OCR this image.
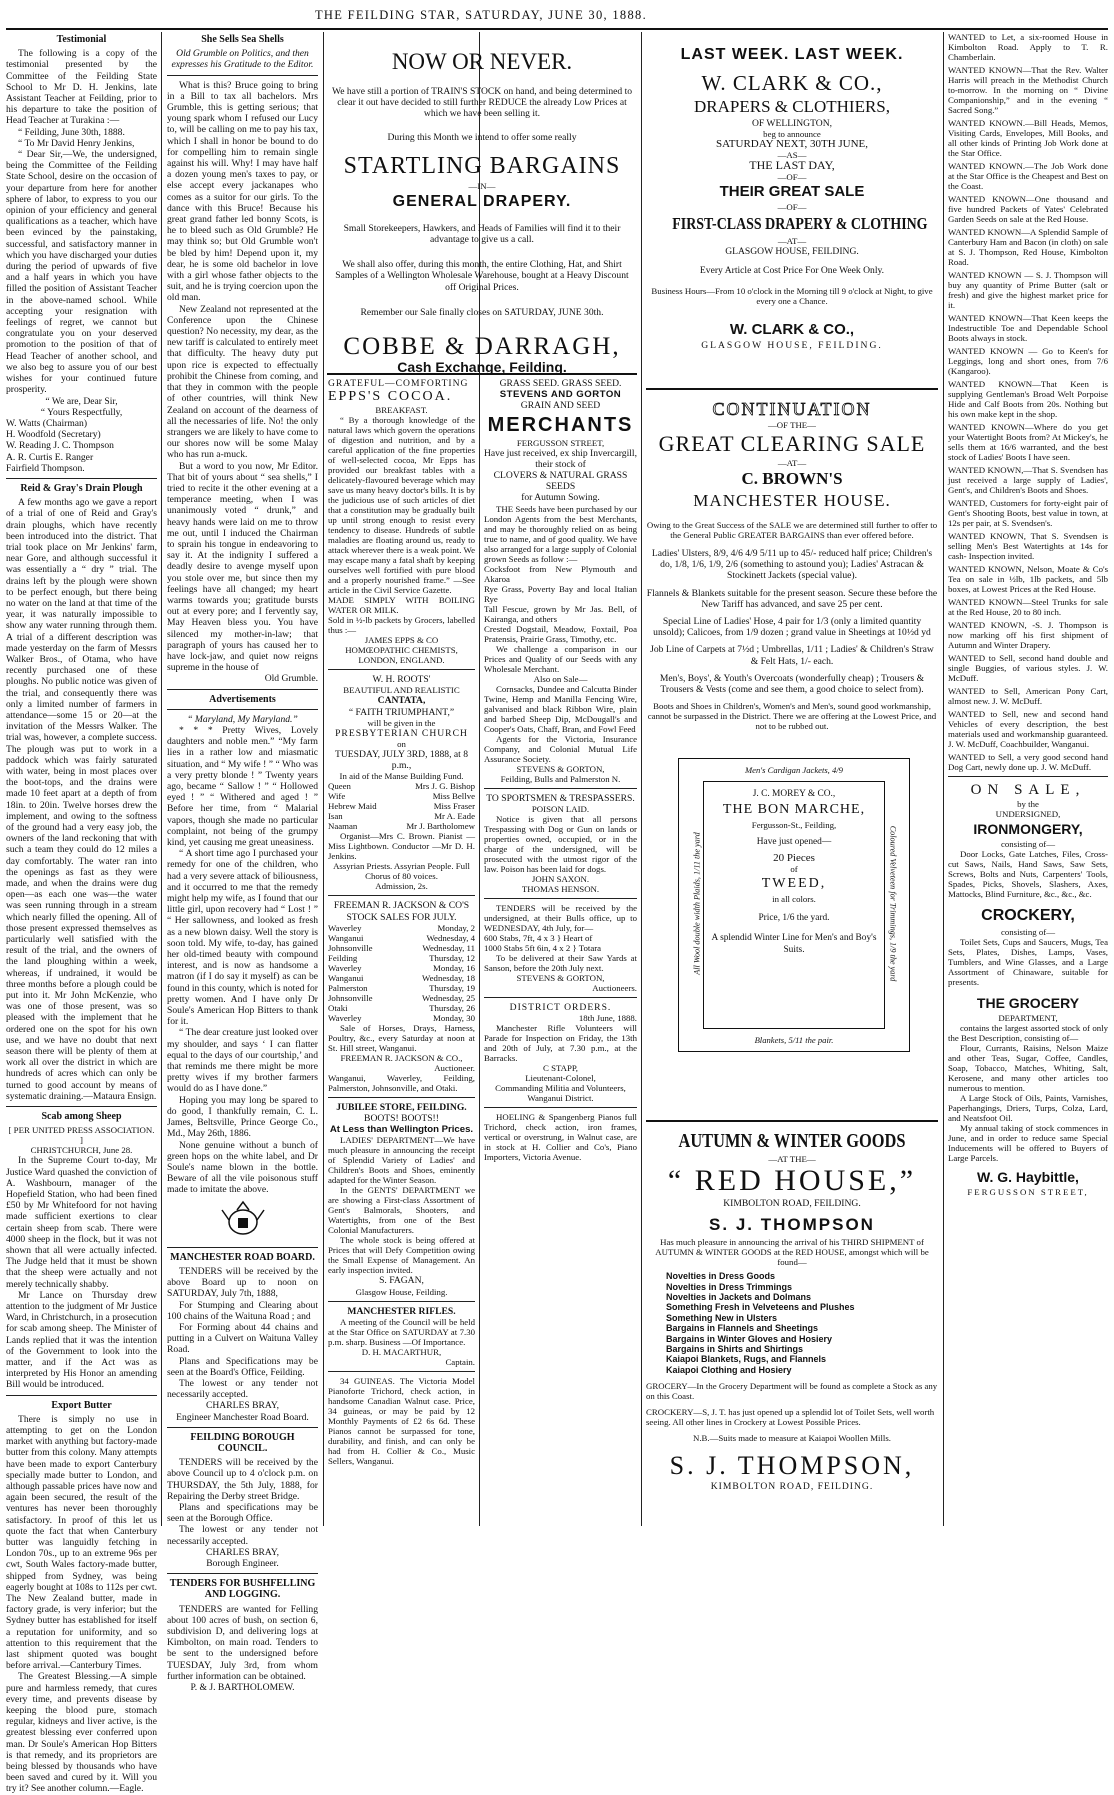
THE FEILDING STAR, SATURDAY, JUNE 30, 1888.
Testimonial

The following is a copy of the testimonial presented by the Committee of the Feilding State School to Mr D. H. Jenkins, late Assistant Teacher at Feilding, prior to his departure to take the position of Head Teacher at Turakina :—

“ Feilding, June 30th, 1888.

“ To Mr David Henry Jenkins,

“ Dear Sir,—We, the undersigned, being the Committee of the Feilding State School, desire on the occasion of your departure from here for another sphere of labor, to express to you our opinion of your efficiency and general qualifications as a teacher, which have been evinced by the painstaking, successful, and satisfactory manner in which you have discharged your duties during the period of upwards of five and a half years in which you have filled the position of Assistant Teacher in the above-named school. While accepting your resignation with feelings of regret, we cannot but congratulate you on your deserved promotion to the position of that of Head Teacher of another school, and we also beg to assure you of our best wishes for your continued future prosperity.

“ We are, Dear Sir,
“ Yours Respectfully,
W. Watts (Chairman)
H. Woodfold (Secretary)
W. Reading J. C. Thompson
A. R. Curtis E. Ranger
Fairfield Thompson.
Reid & Gray's Drain Plough

A few months ago we gave a report of a trial of one of Reid and Gray's drain ploughs, which have recently been introduced into the district. That trial took place on Mr Jenkins' farm, near Gore, and although successful it was essentially a “ dry ” trial. The drains left by the plough were shown to be perfect enough, but there being no water on the land at that time of the year, it was naturally impossible to show any water running through them. A trial of a different description was made yesterday on the farm of Messrs Walker Bros., of Otama, who have recently purchased one of these ploughs. No public notice was given of the trial, and consequently there was only a limited number of farmers in attendance—some 15 or 20—at the invitation of the Messrs Walker. The trial was, however, a complete success. The plough was put to work in a paddock which was fairly saturated with water, being in most places over the boot-tops, and the drains were made 10 feet apart at a depth of from 18in. to 20in. Twelve horses drew the implement, and owing to the softness of the ground had a very easy job, the owners of the land reckoning that with such a team they could do 12 miles a day comfortably. The water ran into the openings as fast as they were made, and when the drains were dug open—as each one was—the water was seen running through in a stream which nearly filled the opening. All of those present expressed themselves as particularly well satisfied with the result of the trial, and the owners of the land ploughing within a week, whereas, if undrained, it would be three months before a plough could be put into it. Mr John McKenzie, who was one of those present, was so pleased with the implement that he ordered one on the spot for his own use, and we have no doubt that next season there will be plenty of them at work all over the district in which are hundreds of acres which can only be turned to good account by means of systematic draining.—Mataura Ensign.

Scab among Sheep
[ PER UNITED PRESS ASSOCIATION. ]
CHRISTCHURCH, June 28.

In the Supreme Court to-day, Mr Justice Ward quashed the conviction of A. Washbourn, manager of the Hopefield Station, who had been fined £50 by Mr Whitefoord for not having made sufficient exertions to clear certain sheep from scab. There were 4000 sheep in the flock, but it was not shown that all were actually infected. The Judge held that it must be shown that the sheep were actually and not merely technically shabby.

Mr Lance on Thursday drew attention to the judgment of Mr Justice Ward, in Christchurch, in a prosecution for scab among sheep. The Minister of Lands replied that it was the intention of the Government to look into the matter, and if the Act was as interpreted by His Honor an amending Bill would be introduced.

Export Butter

There is simply no use in attempting to get on the London market with anything but factory-made butter from this colony. Many attempts have been made to export Canterbury specially made butter to London, and although passable prices have now and again been secured, the result of the ventures has never been thoroughly satisfactory. In proof of this let us quote the fact that when Canterbury butter was languidly fetching in London 70s., up to an extreme 96s per cwt, South Wales factory-made butter, shipped from Sydney, was being eagerly bought at 108s to 112s per cwt. The New Zealand butter, made in factory grade, is very inferior; but the Sydney butter has established for itself a reputation for uniformity, and so attention to this requirement that the last shipment quoted was bought before arrival.—Canterbury Times.

The Greatest Blessing.—A simple pure and harmless remedy, that cures every time, and prevents disease by keeping the blood pure, stomach regular, kidneys and liver active, is the greatest blessing ever conferred upon man. Dr Soule's American Hop Bitters is that remedy, and its proprietors are being blessed by thousands who have been saved and cured by it. Will you try it? See another column.—Eagle.

She Sells Sea Shells
Old Grumble on Politics, and then expresses his Gratitude to the Editor.

What is this? Bruce going to bring in a Bill to tax all bachelors. Mrs Grumble, this is getting serious; that young spark whom I refused our Lucy to, will be calling on me to pay his tax, which I shall in honor be bound to do for compelling him to remain single against his will. Why! I may have half a dozen young men's taxes to pay, or else accept every jackanapes who comes as a suitor for our girls. To the dance with this Bruce! Because his great grand father led bonny Scots, is he to bleed such as Old Grumble? He may think so; but Old Grumble won't be bled by him! Depend upon it, my dear, he is some old bachelor in love with a girl whose father objects to the suit, and he is trying coercion upon the old man.

New Zealand not represented at the Conference upon the Chinese question? No necessity, my dear, as the new tariff is calculated to entirely meet that difficulty. The heavy duty put upon rice is expected to effectually prohibit the Chinese from coming, and that they in common with the people of other countries, will think New Zealand on account of the dearness of all the necessaries of life. No! the only strangers we are likely to have come to our shores now will be some Malay who has run a-muck.

But a word to you now, Mr Editor. That bit of yours about “ sea shells,” I tried to recite it the other evening at a temperance meeting, when I was unanimously voted “ drunk,” and heavy hands were laid on me to throw me out, until I induced the Chairman to sprain his tongue in endeavoring to say it. At the indignity I suffered a deadly desire to avenge myself upon you stole over me, but since then my feelings have all changed; my heart warms towards you; gratitude bursts out at every pore; and I fervently say, May Heaven bless you. You have silenced my mother-in-law; that paragraph of yours has caused her to have lock-jaw, and quiet now reigns supreme in the house of

Old Grumble.
Advertisements
“ Maryland, My Maryland.”

* * * Pretty Wives, Lovely daughters and noble men.” “My farm lies in a rather low and miasmatic situation, and “ My wife ! ” “ Who was a very pretty blonde ! ” Twenty years ago, became “ Sallow ! ” “ Hollowed eyed ! ” “ Withered and aged ! ” Before her time, from “ Malarial vapors, though she made no particular complaint, not being of the grumpy kind, yet causing me great uneasiness.

“ A short time ago I purchased your remedy for one of the children, who had a very severe attack of biliousness, and it occurred to me that the remedy might help my wife, as I found that our little girl, upon recovery had “ Lost ! ” “ Her sallowness, and looked as fresh as a new blown daisy. Well the story is soon told. My wife, to-day, has gained her old-timed beauty with compound interest, and is now as handsome a matron (if I do say it myself) as can be found in this county, which is noted for pretty women. And I have only Dr Soule's American Hop Bitters to thank for it.

“ The dear creature just looked over my shoulder, and says ‘ I can flatter equal to the days of our courtship,’ and that reminds me there might be more pretty wives if my brother farmers would do as I have done.”

Hoping you may long be spared to do good, I thankfully remain, C. L. James, Beltsville, Prince George Co., Md., May 26th, 1886.

None genuine without a bunch of green hops on the white label, and Dr Soule's name blown in the bottle. Beware of all the vile poisonous stuff made to imitate the above.

MANCHESTER ROAD BOARD.

TENDERS will be received by the above Board up to noon on SATURDAY, July 7th, 1888,

For Stumping and Clearing about 100 chains of the Waituna Road ; and

For Forming about 44 chains and putting in a Culvert on Waituna Valley Road.

Plans and Specifications may be seen at the Board's Office, Feilding.

The lowest or any tender not necessarily accepted.

CHARLES BRAY,
Engineer Manchester Road Board.
FEILDING BOROUGH COUNCIL.

TENDERS will be received by the above Council up to 4 o'clock p.m. on THURSDAY, the 5th July, 1888, for Repairing the Derby street Bridge.

Plans and specifications may be seen at the Borough Office.

The lowest or any tender not necessarily accepted.

CHARLES BRAY,
Borough Engineer.
TENDERS FOR BUSHFELLING AND LOGGING.

TENDERS are wanted for Felling about 100 acres of bush, on section 6, subdivision D, and delivering logs at Kimbolton, on main road. Tenders to be sent to the undersigned before TUESDAY, July 3rd, from whom further information can be obtained.

P. & J. BARTHOLOMEW.
NOW OR NEVER.
We have still a portion of TRAIN'S STOCK on hand, and being determined to clear it out have decided to still further REDUCE the already Low Prices at which we have been selling it.
During this Month we intend to offer some really
STARTLING BARGAINS
—IN—
GENERAL DRAPERY.
Small Storekeepers, Hawkers, and Heads of Families will find it to their advantage to give us a call.
We shall also offer, during this month, the entire Clothing, Hat, and Shirt Samples of a Wellington Wholesale Warehouse, bought at a Heavy Discount off Original Prices.
Remember our Sale finally closes on SATURDAY, JUNE 30th.
COBBE & DARRAGH,
Cash Exchange, Feilding.
GRATEFUL—COMFORTING
EPPS'S COCOA.
BREAKFAST.

“ By a thorough knowledge of the natural laws which govern the operations of digestion and nutrition, and by a careful application of the fine properties of well-selected cocoa, Mr Epps has provided our breakfast tables with a delicately-flavoured beverage which may save us many heavy doctor's bills. It is by the judicious use of such articles of diet that a constitution may be gradually built up until strong enough to resist every tendency to disease. Hundreds of subtle maladies are floating around us, ready to attack wherever there is a weak point. We may escape many a fatal shaft by keeping ourselves well fortified with pure blood and a properly nourished frame.” —See article in the Civil Service Gazette.

MADE SIMPLY WITH BOILING WATER OR MILK.
Sold in ½-lb packets by Grocers, labelled thus :—
JAMES EPPS & CO
HOMŒOPATHIC CHEMISTS,
LONDON, ENGLAND.
W. H. ROOTS'
BEAUTIFUL AND REALISTIC
CANTATA,
“ FAITH TRIUMPHANT,”
will be given in the
PRESBYTERIAN CHURCH
on
TUESDAY, JULY 3RD, 1888, at 8 p.m.,
In aid of the Manse Building Fund.
Queen	Mrs J. G. Bishop
Wife	Miss Bellve
Hebrew Maid	Miss Fraser
Isan	Mr A. Eade
Naaman	Mr J. Bartholomew

Organist—Mrs C. Brown. Pianist —Miss Lightbown. Conductor —Mr D. H. Jenkins.

Assyrian Priests. Assyrian People. Full Chorus of 80 voices.
Admission, 2s.
FREEMAN R. JACKSON & CO'S STOCK SALES FOR JULY.
Waverley	Monday, 2
Wanganui	Wednesday, 4
Johnsonville	Wednesday, 11
Feilding	Thursday, 12
Waverley	Monday, 16
Wanganui	Wednesday, 18
Palmerston	Thursday, 19
Johnsonville	Wednesday, 25
Otaki	Thursday, 26
Waverley	Monday, 30

Sale of Horses, Drays, Harness, Poultry, &c., every Saturday at noon at St. Hill street, Wanganui.

FREEMAN R. JACKSON & CO.,
Auctioneer.
Wanganui, Waverley, Feilding, Palmerston, Johnsonville, and Otaki.
JUBILEE STORE, FEILDING.
BOOTS! BOOTS!!
At Less than Wellington Prices.

LADIES' DEPARTMENT—We have much pleasure in announcing the receipt of Splendid Variety of Ladies' and Children's Boots and Shoes, eminently adapted for the Winter Season.

In the GENTS' DEPARTMENT we are showing a First-class Assortment of Gent's Balmorals, Shooters, and Watertights, from one of the Best Colonial Manufacturers.

The whole stock is being offered at Prices that will Defy Competition owing the Small Expense of Management. An early inspection invited.

S. FAGAN,
Glasgow House, Feilding.
MANCHESTER RIFLES.

A meeting of the Council will be held at the Star Office on SATURDAY at 7.30 p.m. sharp. Business —Of Importance.

D. H. MACARTHUR,
Captain.

34 GUINEAS. The Victoria Model Pianoforte Trichord, check action, in handsome Canadian Walnut case. Price, 34 guineas, or may be paid by 12 Monthly Payments of £2 6s 6d. These Pianos cannot be surpassed for tone, durability, and finish, and can only be had from H. Collier & Co., Music Sellers, Wanganui.

GRASS SEED. GRASS SEED.
STEVENS AND GORTON
GRAIN AND SEED
MERCHANTS
FERGUSSON STREET,
Have just received, ex ship Invercargill, their stock of
CLOVERS & NATURAL GRASS SEEDS
for Autumn Sowing.

THE Seeds have been purchased by our London Agents from the best Merchants, and may be thoroughly relied on as being true to name, and of good quality. We have also arranged for a large supply of Colonial grown Seeds as follow :—

Cocksfoot from New Plymouth and Akaroa
Rye Grass, Poverty Bay and local Italian Rye
Tall Fescue, grown by Mr Jas. Bell, of Kairanga, and others
Crested Dogstail, Meadow, Foxtail, Poa Pratensis, Prairie Grass, Timothy, etc.

We challenge a comparison in our Prices and Quality of our Seeds with any Wholesale Merchant.

Also on Sale—

Cornsacks, Dundee and Calcutta Binder Twine, Hemp and Manilla Fencing Wire, galvanised and black Ribbon Wire, plain and barbed Sheep Dip, McDougall's and Cooper's Oats, Chaff, Bran, and Fowl Feed

Agents for the Victoria, Insurance Company, and Colonial Mutual Life Assurance Society.

STEVENS & GORTON,
Feilding, Bulls and Palmerston N.
TO SPORTSMEN & TRESPASSERS.
POISON LAID.

Notice is given that all persons Trespassing with Dog or Gun on lands or properties owned, occupied, or in the charge of the undersigned, will be prosecuted with the utmost rigor of the law. Poison has been laid for dogs.

JOHN SAXON.
THOMAS HENSON.

TENDERS will be received by the undersigned, at their Bulls office, up to WEDNESDAY, 4th July, for—

600 Stabs, 7ft, 4 x 3 } Heart of
1000 Stabs 5ft 6in, 4 x 2 } Totara

To be delivered at their Saw Yards at Sanson, before the 20th July next.

STEVENS & GORTON,
Auctioneers.
DISTRICT ORDERS.
18th June, 1888.

Manchester Rifle Volunteers will Parade for Inspection on Friday, the 13th and 20th of July, at 7.30 p.m., at the Barracks.

C STAPP,
Lieutenant-Colonel,
Commanding Militia and Volunteers, Wanganui District.

HOELING & Spangenberg Pianos full Trichord, check action, iron frames, vertical or overstrung, in Walnut case, are in stock at H. Collier and Co's, Piano Importers, Victoria Avenue.

LAST WEEK. LAST WEEK.
W. CLARK & CO.,
DRAPERS & CLOTHIERS,
OF WELLINGTON,
beg to announce
SATURDAY NEXT, 30TH JUNE,
—AS—
THE LAST DAY,
—OF—
THEIR GREAT SALE
—OF—
FIRST-CLASS DRAPERY & CLOTHING
—AT—
GLASGOW HOUSE, FEILDING.
Every Article at Cost Price For One Week Only.
Business Hours—From 10 o'clock in the Morning till 9 o'clock at Night, to give every one a Chance.
W. CLARK & CO.,
GLASGOW HOUSE, FEILDING.
CONTINUATION
—OF THE—
GREAT CLEARING SALE
—AT—
C. BROWN'S
MANCHESTER HOUSE.
Owing to the Great Success of the SALE we are determined still further to offer to the General Public GREATER BARGAINS than ever offered before.
Ladies' Ulsters, 8/9, 4/6 4/9 5/11 up to 45/- reduced half price; Children's do, 1/8, 1/6, 1/9, 2/6 (something to astound you); Ladies' Astracan & Stockinett Jackets (special value).
Flannels & Blankets suitable for the present season. Secure these before the New Tariff has advanced, and save 25 per cent.
Special Line of Ladies' Hose, 4 pair for 1/3 (only a limited quantity unsold); Calicoes, from 1/9 dozen ; grand value in Sheetings at 10½d yd
Job Line of Carpets at 7½d ; Umbrellas, 1/11 ; Ladies' & Children's Straw & Felt Hats, 1/- each.
Men's, Boys', & Youth's Overcoats (wonderfully cheap) ; Trousers & Trousers & Vests (come and see them, a good choice to select from).
Boots and Shoes in Children's, Women's and Men's, sound good workmanship, cannot be surpassed in the District. There we are offering at the Lowest Price, and not to be rubbed out.
Men's Cardigan Jackets, 4/9
Blankets, 5/11 the pair.
All Wool double width Plaids, 1/11 the yard	Coloured Velveteen for Trimmings, 1/9 the yard
J. C. MOREY & CO.,
THE BON MARCHE,
Fergusson-St., Feilding,
Have just opened—
20 Pieces
of
TWEED,
in all colors.
Price, 1/6 the yard.
A splendid Winter Line for Men's and Boy's Suits.
AUTUMN & WINTER GOODS
—AT THE—
“ RED HOUSE,”
KIMBOLTON ROAD, FEILDING.
S. J. THOMPSON
Has much pleasure in announcing the arrival of his THIRD SHIPMENT of AUTUMN & WINTER GOODS at the RED HOUSE, amongst which will be found—
Novelties in Dress Goods
Novelties in Dress Trimmings
Novelties in Jackets and Dolmans
Something Fresh in Velveteens and Plushes
Something New in Ulsters
Bargains in Flannels and Sheetings
Bargains in Winter Gloves and Hosiery
Bargains in Shirts and Shirtings
Kaiapoi Blankets, Rugs, and Flannels
Kaiapoi Clothing and Hosiery
GROCERY—In the Grocery Department will be found as complete a Stock as any on this Coast.
CROCKERY—S, J. T. has just opened up a splendid lot of Toilet Sets, well worth seeing. All other lines in Crockery at Lowest Possible Prices.
N.B.—Suits made to measure at Kaiapoi Woollen Mills.
S. J. THOMPSON,
KIMBOLTON ROAD, FEILDING.

WANTED to Let, a six-roomed House in Kimbolton Road. Apply to T. R. Chamberlain.

WANTED KNOWN—That the Rev. Walter Harris will preach in the Methodist Church to-morrow. In the morning on “ Divine Companionship,” and in the evening “ Sacred Song.”

WANTED KNOWN.—Bill Heads, Memos, Visiting Cards, Envelopes, Mill Books, and all other kinds of Printing Job Work done at the Star Office.

WANTED KNOWN.—The Job Work done at the Star Office is the Cheapest and Best on the Coast.

WANTED KNOWN—One thousand and five hundred Packets of Yates' Celebrated Garden Seeds on sale at the Red House.

WANTED KNOWN—A Splendid Sample of Canterbury Ham and Bacon (in cloth) on sale at S. J. Thompson, Red House, Kimbolton Road.

WANTED KNOWN — S. J. Thompson will buy any quantity of Prime Butter (salt or fresh) and give the highest market price for it.

WANTED KNOWN—That Keen keeps the Indestructible Toe and Dependable School Boots always in stock.

WANTED KNOWN — Go to Keen's for Leggings, long and short ones, from 7/6 (Kangaroo).

WANTED KNOWN—That Keen is supplying Gentleman's Broad Welt Porpoise Hide and Calf Boots from 20s. Nothing but his own make kept in the shop.

WANTED KNOWN—Where do you get your Watertight Boots from? At Mickey's, he sells them at 16/6 warranted, and the best stock of Ladies' Boots I have seen.

WANTED KNOWN,—That S. Svendsen has just received a large supply of Ladies', Gent's, and Children's Boots and Shoes.

WANTED, Customers for forty-eight pair of Gent's Shooting Boots, best value in town, at 12s per pair, at S. Svendsen's.

WANTED KNOWN, That S. Svendsen is selling Men's Best Watertights at 14s for cash- Inspection invited.

WANTED KNOWN, Nelson, Moate & Co's Tea on sale in ½lb, 1lb packets, and 5lb boxes, at Lowest Prices at the Red House.

WANTED KNOWN—Steel Trunks for sale at the Red House, 20 to 80 inch.

WANTED KNOWN, -S. J. Thompson is now marking off his first shipment of Autumn and Winter Drapery.

WANTED to Sell, second hand double and single Buggies, of various styles. J. W. McDuff.

WANTED to Sell, American Pony Cart, almost new. J. W. McDuff.

WANTED to Sell, new and second hand Vehicles of every description, the best materials used and workmanship guaranteed. J. W. McDuff, Coachbuilder, Wanganui.

WANTED to Sell, a very good second hand Dog Cart, newly done up. J. W. McDuff.

ON SALE,
by the
UNDERSIGNED,
IRONMONGERY,
consisting of—

Door Locks, Gate Latches, Files, Cross-cut Saws, Nails, Hand Saws, Saw Sets, Screws, Bolts and Nuts, Carpenters' Tools, Spades, Picks, Shovels, Slashers, Axes, Mattocks, Blind Furniture, &c., &c., &c.

CROCKERY,
consisting of—

Toilet Sets, Cups and Saucers, Mugs, Tea Sets, Plates, Dishes, Lamps, Vases, Tumblers, and Wine Glasses, and a Large Assortment of Chinaware, suitable for presents.

THE GROCERY
DEPARTMENT,

contains the largest assorted stock of only the Best Description, consisting of—

Flour, Currants, Raisins, Nelson Maize and other Teas, Sugar, Coffee, Candles, Soap, Tobacco, Matches, Whiting, Salt, Kerosene, and many other articles too numerous to mention.

A Large Stock of Oils, Paints, Varnishes, Paperhangings, Driers, Turps, Colza, Lard, and Neatsfoot Oil.

My annual taking of stock commences in June, and in order to reduce same Special Inducements will be offered to Buyers of Large Parcels.

W. G. Haybittle,
FERGUSSON STREET,
